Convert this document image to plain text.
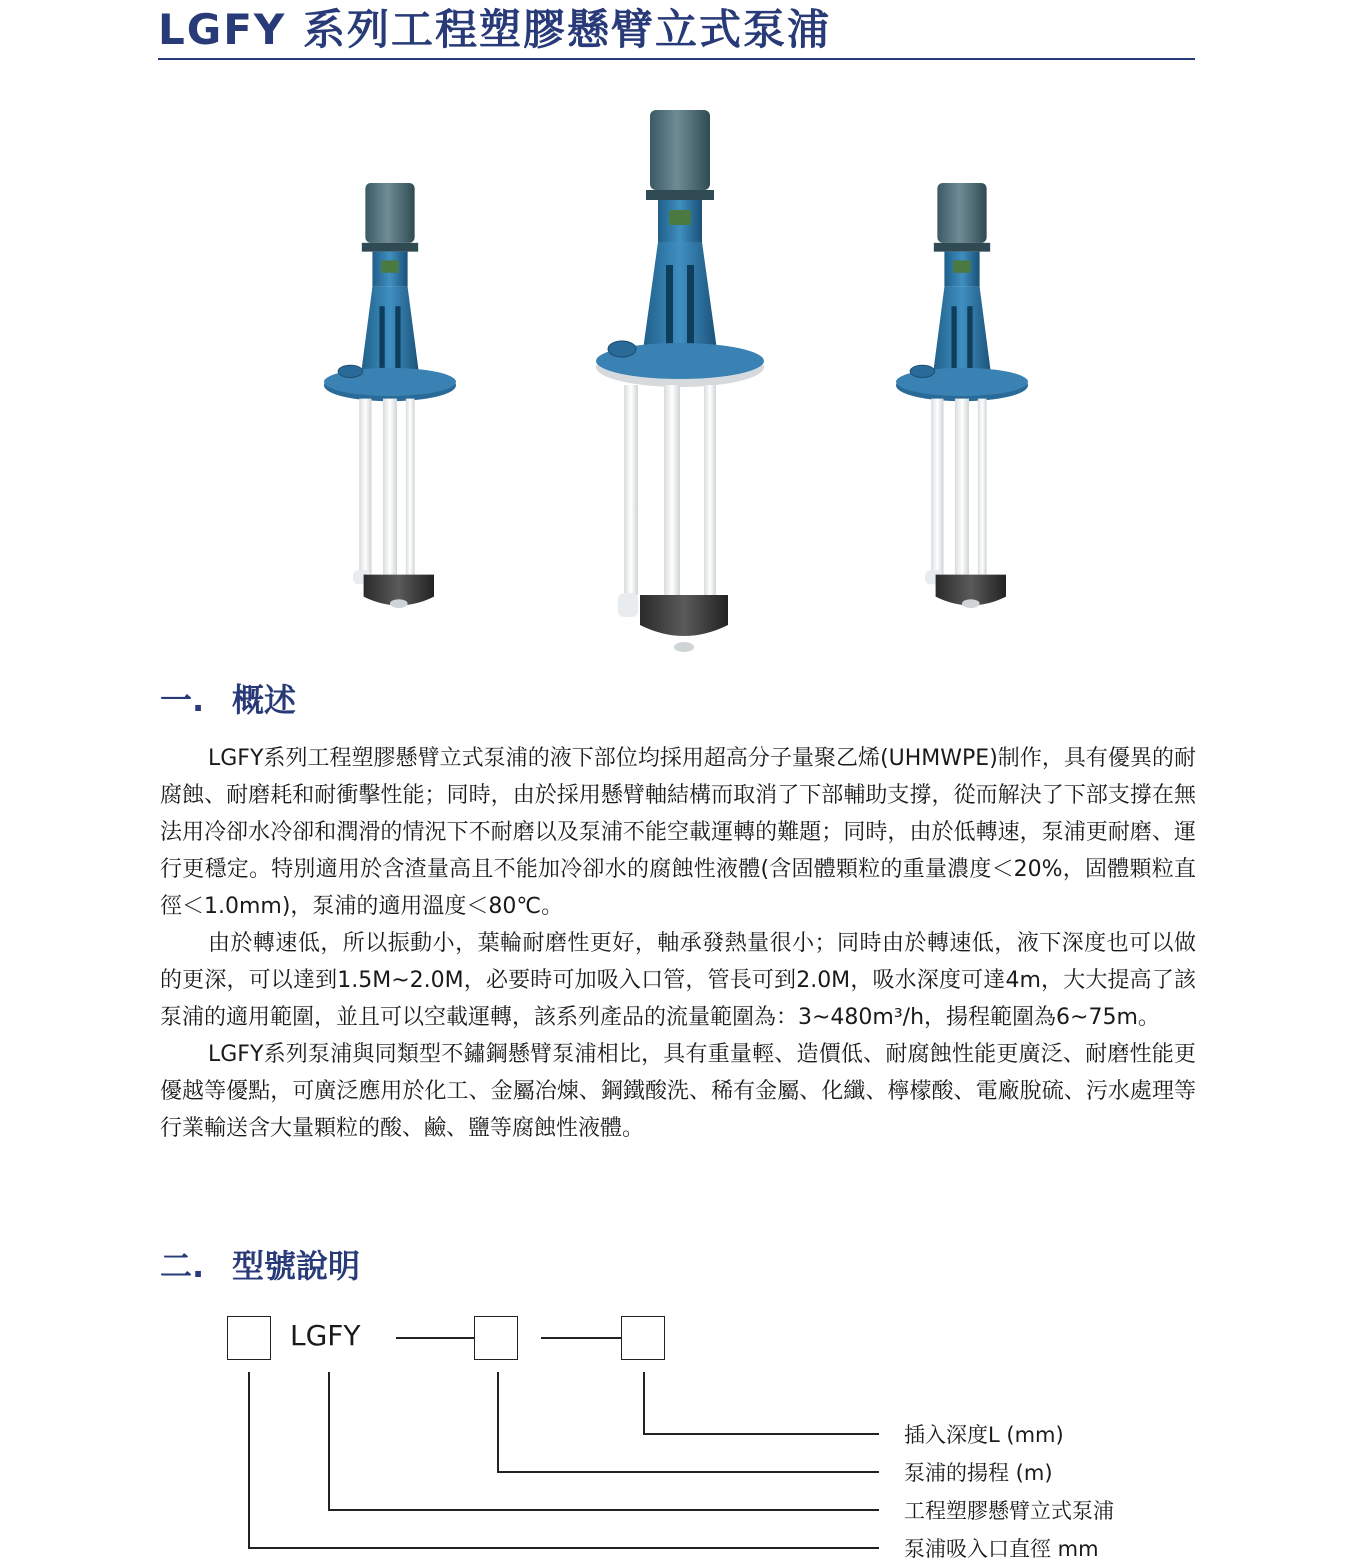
LGFY 系列工程塑膠懸臂立式泵浦
一. 概述

LGFY系列工程塑膠懸臂立式泵浦的液下部位均採用超高分子量聚乙烯(UHMWPE)制作，具有優異的耐腐蝕、耐磨耗和耐衝擊性能；同時，由於採用懸臂軸結構而取消了下部輔助支撐，從而解決了下部支撐在無法用冷卻水冷卻和潤滑的情況下不耐磨以及泵浦不能空載運轉的難題；同時，由於低轉速，泵浦更耐磨、運行更穩定。特別適用於含渣量高且不能加冷卻水的腐蝕性液體(含固體顆粒的重量濃度＜20%，固體顆粒直徑＜1.0mm)，泵浦的適用溫度＜80℃。

由於轉速低，所以振動小，葉輪耐磨性更好，軸承發熱量很小；同時由於轉速低，液下深度也可以做的更深，可以達到1.5M~2.0M，必要時可加吸入口管，管長可到2.0M，吸水深度可達4m，大大提高了該泵浦的適用範圍，並且可以空載運轉，該系列產品的流量範圍為：3~480m³/h，揚程範圍為6~75m。

LGFY系列泵浦與同類型不鏽鋼懸臂泵浦相比，具有重量輕、造價低、耐腐蝕性能更廣泛、耐磨性能更優越等優點，可廣泛應用於化工、金屬冶煉、鋼鐵酸洗、稀有金屬、化纖、檸檬酸、電廠脫硫、污水處理等行業輸送含大量顆粒的酸、鹼、鹽等腐蝕性液體。

二. 型號說明
LGFY
插入深度L (mm)
泵浦的揚程 (m)
工程塑膠懸臂立式泵浦
泵浦吸入口直徑 mm
